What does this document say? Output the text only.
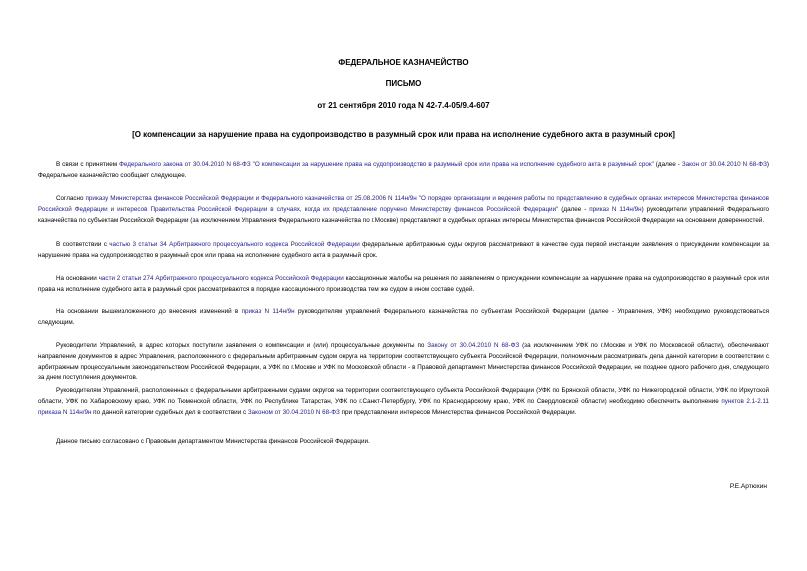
ФЕДЕРАЛЬНОЕ КАЗНАЧЕЙСТВО

ПИСЬМО

от 21 сентября 2010 года N 42-7.4-05/9.4-607

[О компенсации за нарушение права на судопроизводство в разумный срок или права на исполнение судебного акта в разумный срок]

В связи с принятием Федерального закона от 30.04.2010 N 68-ФЗ "О компенсации за нарушение права на судопроизводство в разумный срок или права на исполнение судебного акта в разумный срок" (далее - Закон от 30.04.2010 N 68-ФЗ) Федеральное казначейство сообщает следующее.

Согласно приказу Министерства финансов Российской Федерации и Федерального казначейства от 25.08.2006 N 114н/9н "О порядке организации и ведения работы по представлению в судебных органах интересов Министерства финансов Российской Федерации и интересов Правительства Российской Федерации в случаях, когда их представление поручено Министерству финансов Российской Федерации" (далее - приказ N 114н/9н) руководители управлений Федерального казначейства по субъектам Российской Федерации (за исключением Управления Федерального казначейства по г.Москве) представляют в судебных органах интересы Министерства финансов Российской Федерации на основании доверенностей.

В соответствии с частью 3 статьи 34 Арбитражного процессуального кодекса Российской Федерации федеральные арбитражные суды округов рассматривают в качестве суда первой инстанции заявления о присуждении компенсации за нарушение права на судопроизводство в разумный срок или права на исполнение судебного акта в разумный срок.

На основании части 2 статьи 274 Арбитражного процессуального кодекса Российской Федерации кассационные жалобы на решения по заявлениям о присуждении компенсации за нарушение права на судопроизводство в разумный срок или права на исполнение судебного акта в разумный срок рассматриваются в порядке кассационного производства тем же судом в ином составе судей.

На основании вышеизложенного до внесения изменений в приказ N 114н/9н руководителям управлений Федерального казначейства по субъектам Российской Федерации (далее - Управления, УФК) необходимо руководствоваться следующим.

Руководители Управлений, в адрес которых поступили заявления о компенсации и (или) процессуальные документы по Закону от 30.04.2010 N 68-ФЗ (за исключением УФК по г.Москве и УФК по Московской области), обеспечивают направление документов в адрес Управления, расположенного с федеральным арбитражным судом округа на территории соответствующего субъекта Российской Федерации, полномочным рассматривать дела данной категории в соответствии с арбитражным процессуальным законодательством Российской Федерации, а УФК по г.Москве и УФК по Московской области - в Правовой департамент Министерства финансов Российской Федерации, не позднее одного рабочего дня, следующего за днем поступления документов.

Руководителям Управлений, расположенных с федеральными арбитражными судами округов на территории соответствующего субъекта Российской Федерации (УФК по Брянской области, УФК по Нижегородской области, УФК по Иркутской области, УФК по Хабаровскому краю, УФК по Тюменской области, УФК по Республике Татарстан, УФК по г.Санкт-Петербургу, УФК по Краснодарскому краю, УФК по Свердловской области) необходимо обеспечить выполнение пунктов 2.1-2.11 приказа N 114н/9н по данной категории судебных дел в соответствии с Законом от 30.04.2010 N 68-ФЗ при представлении интересов Министерства финансов Российской Федерации.

Данное письмо согласовано с Правовым департаментом Министерства финансов Российской Федерации.

Р.Е.Артюхин
